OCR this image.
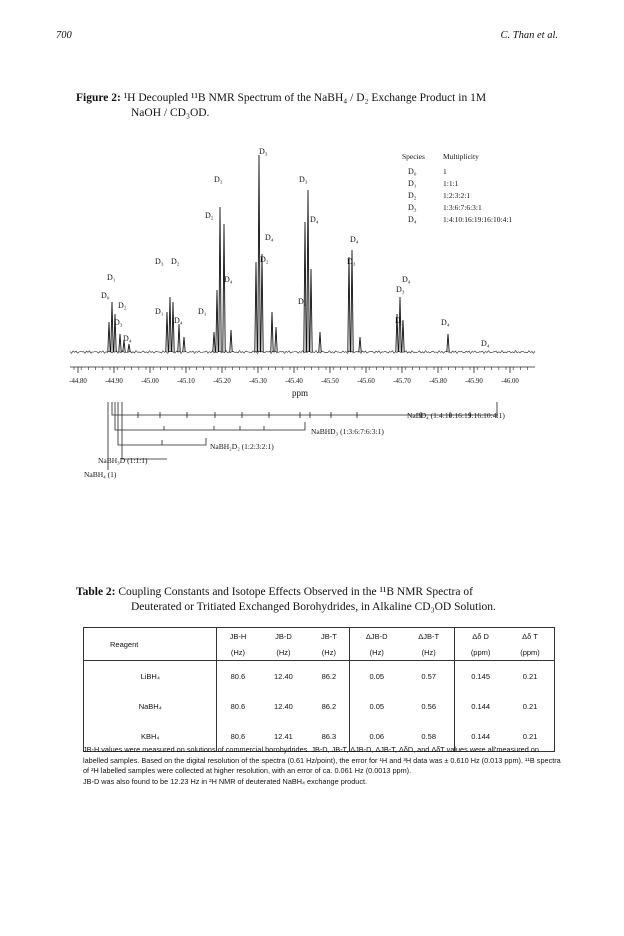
700	C. Than et al.
Figure 2: ¹H Decoupled ¹¹B NMR Spectrum of the NaBH₄ / D₂ Exchange Product in 1M
NaOH / CD₃OD.
D₃
D₃	D₃
D₂	D₄
D₄	D₄
D₂
D₃ D₂	D₃
D₄
D₁
D₃
D₄
D₀
D₂	D₂
D₁	D₁
D₃	D₄
D₄
D₃	D₄
D₄
Species Multiplicity
D₀	1
D₁	1:1:1
D₂	1:2:3:2:1
D₃	1:3:6:7:6:3:1
D₄	1:4:10:16:19:16:10:4:1
-44.80	-44.90	-45.00	-45.10	-45.20	-45.30	-45.40	-45.50	-45.60	-45.70	-45.80	-45.90	-46.00
ppm
NaBD₄ (1:4:10:16:19:16:10:4:1)
NaBHD₃ (1:3:6:7:6:3:1)
NaBH₂D₂ (1:2:3:2:1)
NaBH₃D (1:1:1)
NaBH₄ (1)
Table 2: Coupling Constants and Isotope Effects Observed in the ¹¹B NMR Spectra of
Deuterated or Tritiated Exchanged Borohydrides, in Alkaline CD₃OD Solution.
Reagent	JB-H	JB-D	JB-T	ΔJB-D	ΔJB-T	Δδ D	Δδ T
	(Hz)	(Hz)	(Hz)	(Hz)	(Hz)	(ppm)	(ppm)
LiBH₄	80.6	12.40	86.2	0.05	0.57	0.145	0.21
NaBH₄	80.6	12.40	86.2	0.05	0.56	0.144	0.21
KBH₄	80.6	12.41	86.3	0.06	0.58	0.144	0.21

JB-H values were measured on solutions of commercial borohydrides. JB-D, JB-T, ΔJB-D, ΔJB-T, ΔδD, and ΔδT values were all'measured on labelled samples. Based on the digital resolution of the spectra (0.61 Hz/point), the error for ¹H and ³H data was ± 0.610 Hz (0.013 ppm). ¹¹B spectra of ²H labelled samples were collected at higher resolution, with an error of ca. 0.061 Hz (0.0013 ppm).

JB-D was also found to be 12.23 Hz in ²H NMR of deuterated NaBH₄ exchange product.
